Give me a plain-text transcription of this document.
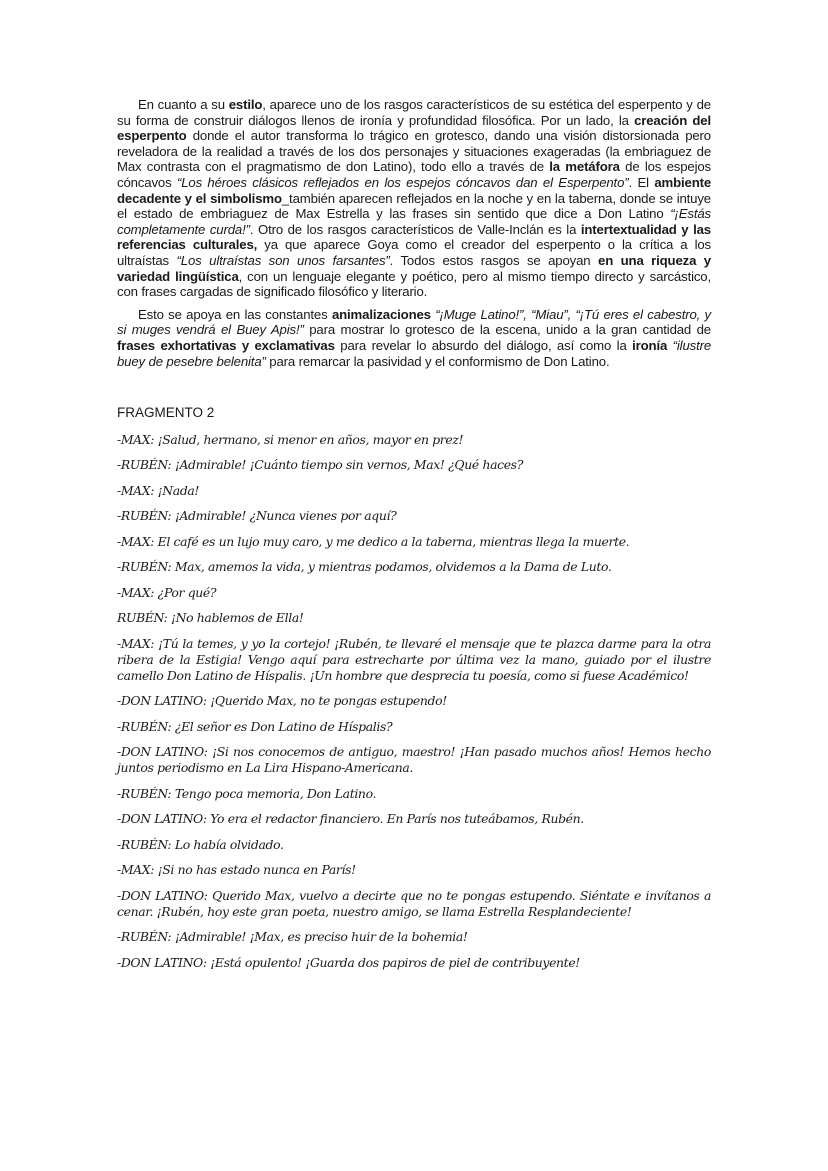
En cuanto a su estilo, aparece uno de los rasgos característicos de su estética del esperpento y de su forma de construir diálogos llenos de ironía y profundidad filosófica. Por un lado, la creación del esperpento donde el autor transforma lo trágico en grotesco, dando una visión distorsionada pero reveladora de la realidad a través de los dos personajes y situaciones exageradas (la embriaguez de Max contrasta con el pragmatismo de don Latino), todo ello a través de la metáfora de los espejos cóncavos “Los héroes clásicos reflejados en los espejos cóncavos dan el Esperpento”. El ambiente decadente y el simbolismo_también aparecen reflejados en la noche y en la taberna, donde se intuye el estado de embriaguez de Max Estrella y las frases sin sentido que dice a Don Latino “¡Estás completamente curda!”. Otro de los rasgos característicos de Valle-Inclán es la intertextualidad y las referencias culturales, ya que aparece Goya como el creador del esperpento o la crítica a los ultraístas “Los ultraístas son unos farsantes”. Todos estos rasgos se apoyan en una riqueza y variedad lingüística, con un lenguaje elegante y poético, pero al mismo tiempo directo y sarcástico, con frases cargadas de significado filosófico y literario.

Esto se apoya en las constantes animalizaciones “¡Muge Latino!”, “Miau”, “¡Tú eres el cabestro, y si muges vendrá el Buey Apis!” para mostrar lo grotesco de la escena, unido a la gran cantidad de frases exhortativas y exclamativas para revelar lo absurdo del diálogo, así como la ironía “ilustre buey de pesebre belenita” para remarcar la pasividad y el conformismo de Don Latino.

FRAGMENTO 2

-MAX: ¡Salud, hermano, si menor en años, mayor en prez!

-RUBÉN: ¡Admirable! ¡Cuánto tiempo sin vernos, Max! ¿Qué haces?

-MAX: ¡Nada!

-RUBÉN: ¡Admirable! ¿Nunca vienes por aquí?

-MAX: El café es un lujo muy caro, y me dedico a la taberna, mientras llega la muerte.

-RUBÉN: Max, amemos la vida, y mientras podamos, olvidemos a la Dama de Luto.

-MAX: ¿Por qué?

RUBÉN: ¡No hablemos de Ella!

-MAX: ¡Tú la temes, y yo la cortejo! ¡Rubén, te llevaré el mensaje que te plazca darme para la otra ribera de la Estigia! Vengo aquí para estrecharte por última vez la mano, guiado por el ilustre camello Don Latino de Híspalis. ¡Un hombre que desprecia tu poesía, como si fuese Académico!

-DON LATINO: ¡Querido Max, no te pongas estupendo!

-RUBÉN: ¿El señor es Don Latino de Híspalis?

-DON LATINO: ¡Si nos conocemos de antiguo, maestro! ¡Han pasado muchos años! Hemos hecho juntos periodismo en La Lira Hispano-Americana.

-RUBÉN: Tengo poca memoria, Don Latino.

-DON LATINO: Yo era el redactor financiero. En París nos tuteábamos, Rubén.

-RUBÉN: Lo había olvidado.

-MAX: ¡Si no has estado nunca en París!

-DON LATINO: Querido Max, vuelvo a decirte que no te pongas estupendo. Siéntate e invítanos a cenar. ¡Rubén, hoy este gran poeta, nuestro amigo, se llama Estrella Resplandeciente!

-RUBÉN: ¡Admirable! ¡Max, es preciso huir de la bohemia!

-DON LATINO: ¡Está opulento! ¡Guarda dos papiros de piel de contribuyente!
